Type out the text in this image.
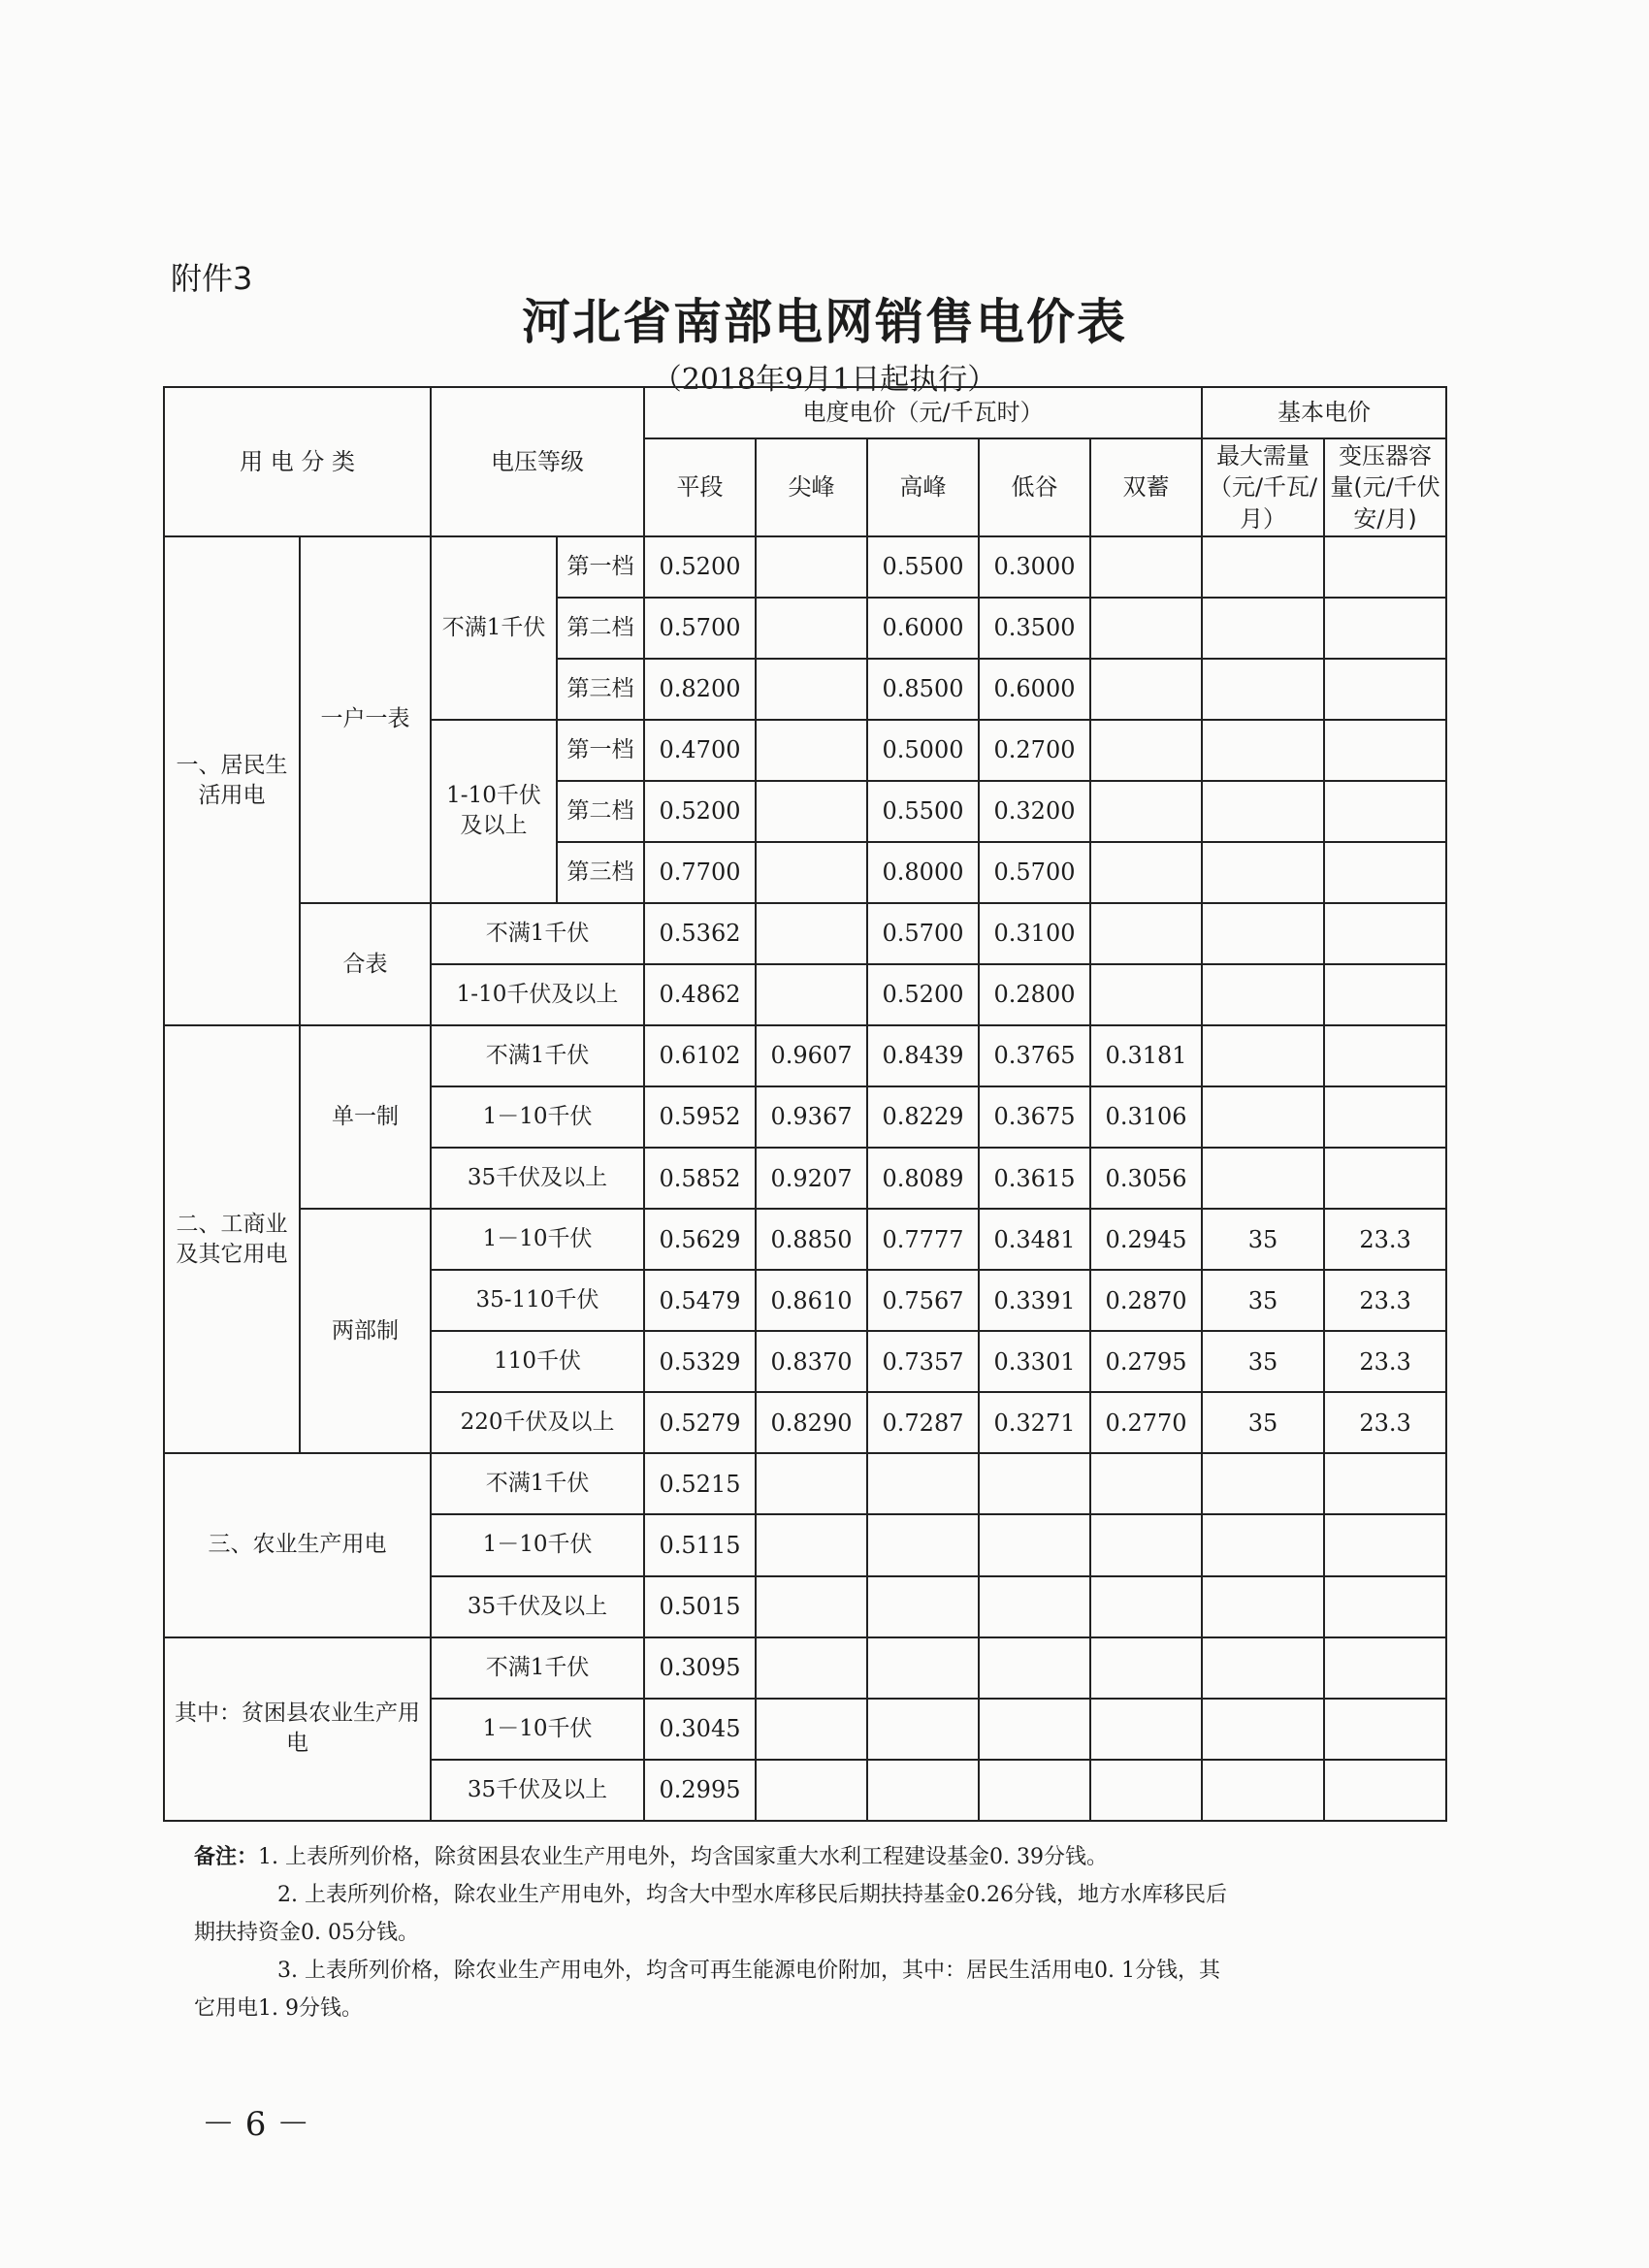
附件3
河北省南部电网销售电价表
（2018年9月1日起执行）
用 电 分 类		电压等级		电度电价（元/千瓦时）					基本电价	
				平段	尖峰	高峰	低谷	双蓄	最大需量（元/千瓦/月）	变压器容量(元/千伏安/月)
一、居民生活用电	一户一表	不满1千伏	第一档	0.5200		0.5500	0.3000			
			第二档	0.5700		0.6000	0.3500			
			第三档	0.8200		0.8500	0.6000			
		1-10千伏及以上	第一档	0.4700		0.5000	0.2700			
			第二档	0.5200		0.5500	0.3200			
			第三档	0.7700		0.8000	0.5700			
	合表	不满1千伏		0.5362		0.5700	0.3100			
		1-10千伏及以上		0.4862		0.5200	0.2800			
二、工商业及其它用电	单一制	不满1千伏		0.6102	0.9607	0.8439	0.3765	0.3181		
		1－10千伏		0.5952	0.9367	0.8229	0.3675	0.3106		
		35千伏及以上		0.5852	0.9207	0.8089	0.3615	0.3056		
	两部制	1－10千伏		0.5629	0.8850	0.7777	0.3481	0.2945	35	23.3
		35-110千伏		0.5479	0.8610	0.7567	0.3391	0.2870	35	23.3
		110千伏		0.5329	0.8370	0.7357	0.3301	0.2795	35	23.3
		220千伏及以上		0.5279	0.8290	0.7287	0.3271	0.2770	35	23.3
三、农业生产用电		不满1千伏		0.5215						
		1－10千伏		0.5115						
		35千伏及以上		0.5015						
其中：贫困县农业生产用电		不满1千伏		0.3095						
		1－10千伏		0.3045						
		35千伏及以上		0.2995						
备注：1. 上表所列价格，除贫困县农业生产用电外，均含国家重大水利工程建设基金0. 39分钱。
2. 上表所列价格，除农业生产用电外，均含大中型水库移民后期扶持基金0.26分钱，地方水库移民后
期扶持资金0. 05分钱。
3. 上表所列价格，除农业生产用电外，均含可再生能源电价附加，其中：居民生活用电0. 1分钱，其
它用电1. 9分钱。
－ 6 －
